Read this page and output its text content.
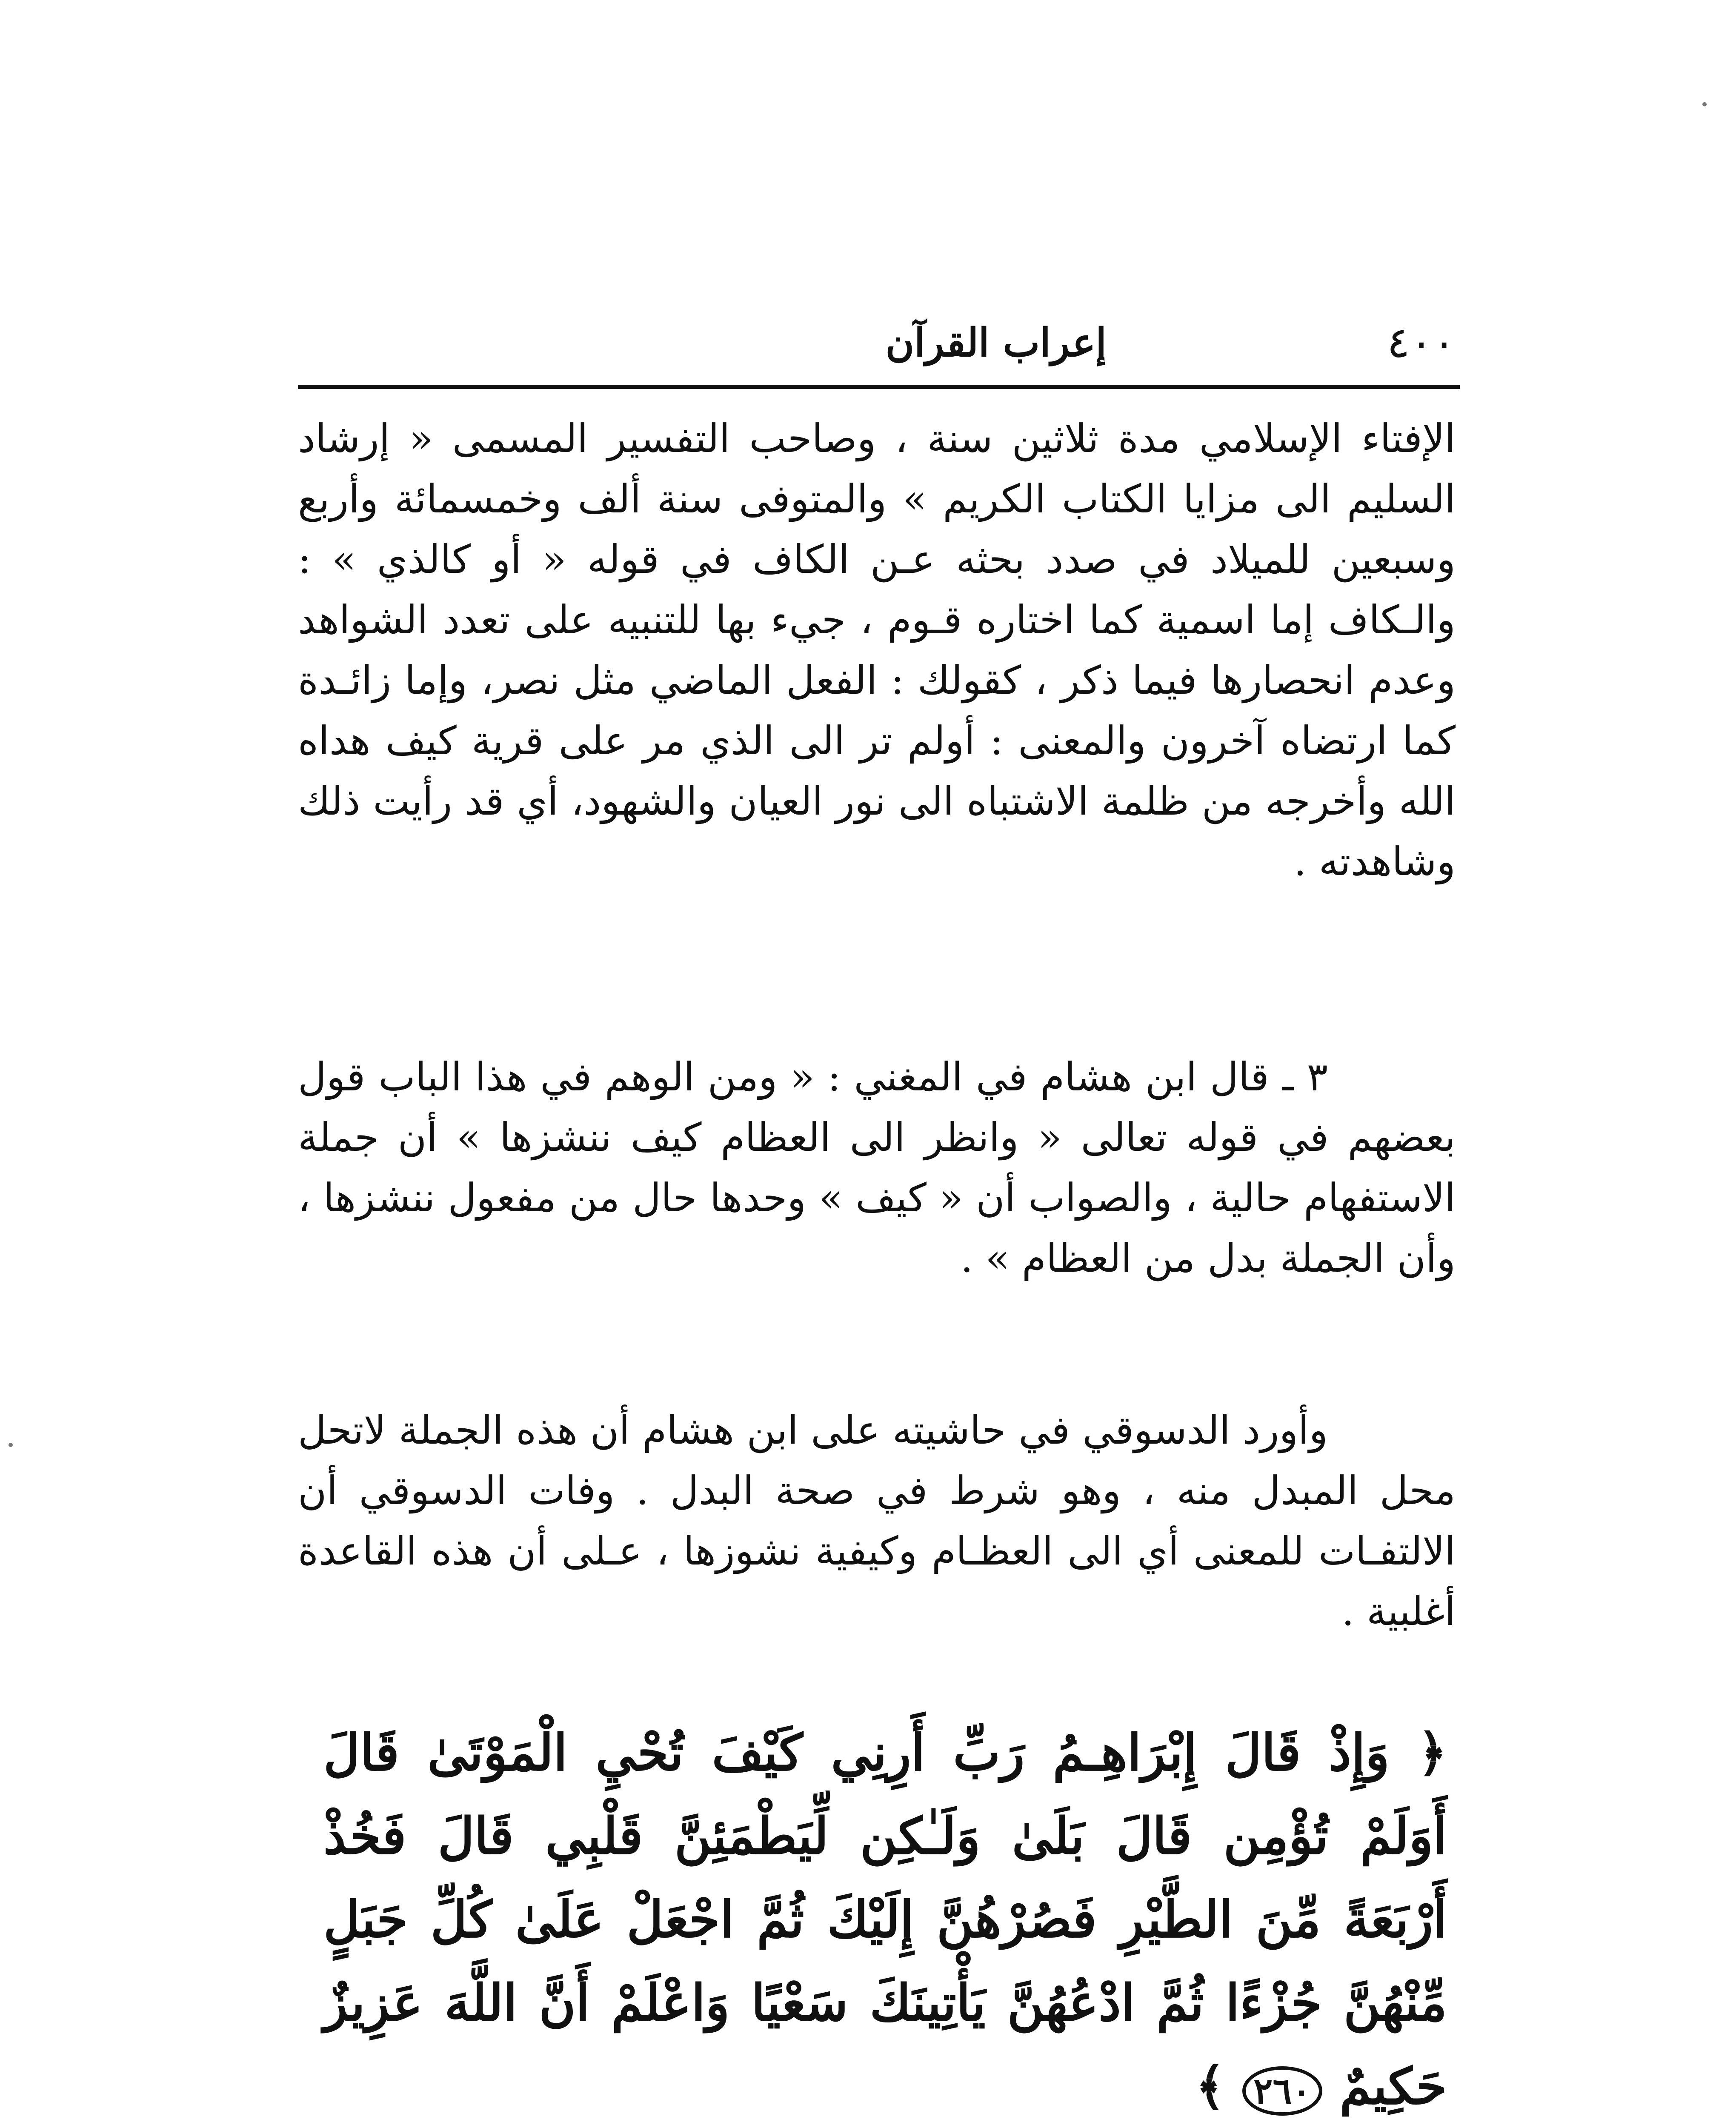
٤٠٠
إعراب القرآن

الإفتاء الإسلامي مدة ثلاثين سنة ، وصاحب التفسير المسمى « إرشاد السليم الى مزايا الكتاب الكريم » والمتوفى سنة ألف وخمسمائة وأربع وسبعين للميلاد في صدد بحثه عـن الكاف في قوله « أو كالذي » : والـكاف إما اسمية كما اختاره قـوم ، جيء بها للتنبيه على تعدد الشواهد وعدم انحصارها فيما ذكر ، كقولك : الفعل الماضي مثل نصر، وإما زائـدة كما ارتضاه آخرون والمعنى : أولم تر الى الذي مر على قرية كيف هداه الله وأخرجه من ظلمة الاشتباه الى نور العيان والشهود، أي قد رأيت ذلك وشاهدته .

٣ ـ قال ابن هشام في المغني : « ومن الوهم في هذا الباب قول بعضهم في قوله تعالى « وانظر الى العظام كيف ننشزها » أن جملة الاستفهام حالية ، والصواب أن « كيف » وحدها حال من مفعول ننشزها ، وأن الجملة بدل من العظام » .

وأورد الدسوقي في حاشيته على ابن هشام أن هذه الجملة لاتحل محل المبدل منه ، وهو شرط في صحة البدل . وفات الدسوقي أن الالتفـات للمعنى أي الى العظـام وكيفية نشوزها ، عـلى أن هذه القاعدة أغلبية .

﴿ وَإِذْ قَالَ إِبْرَاهِـمُ رَبِّ أَرِنِي كَيْفَ تُحْيِ الْمَوْتَىٰ قَالَ أَوَلَمْ تُؤْمِن قَالَ بَلَىٰ وَلَـٰكِن لِّيَطْمَئِنَّ قَلْبِي قَالَ فَخُذْ أَرْبَعَةً مِّنَ الطَّيْرِ فَصُرْهُنَّ إِلَيْكَ ثُمَّ اجْعَلْ عَلَىٰ كُلِّ جَبَلٍ مِّنْهُنَّ جُزْءًا ثُمَّ ادْعُهُنَّ يَأْتِينَكَ سَعْيًا وَاعْلَمْ أَنَّ اللَّهَ عَزِيزٌ حَكِيمٌ ٢٦٠ ﴾
